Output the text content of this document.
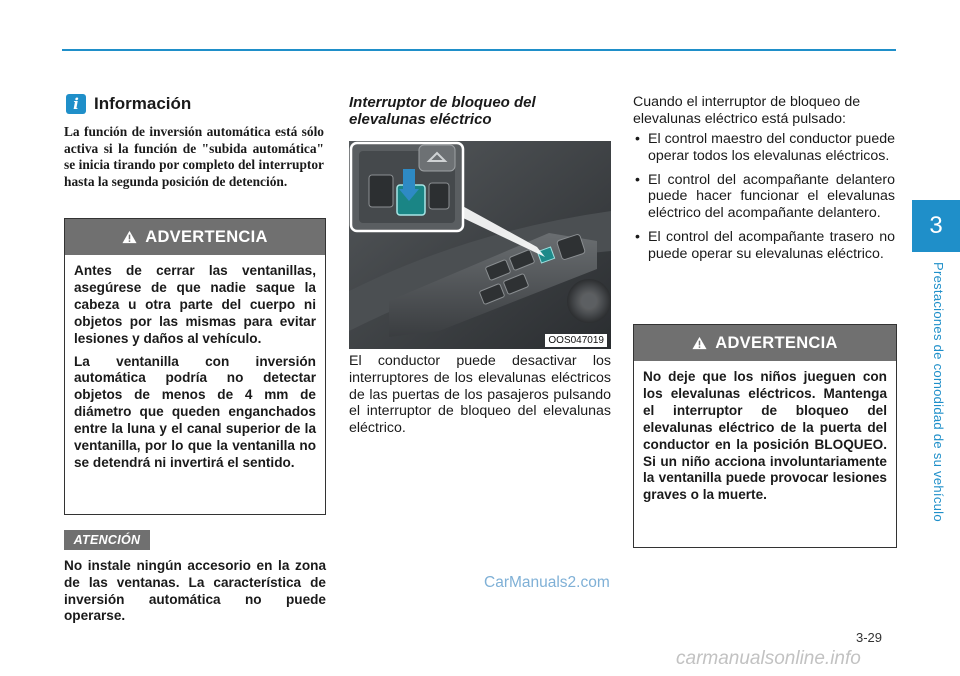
3
Prestaciones de comodidad de su vehículo
i Información
La función de inversión automática está sólo activa si la función de "subida automática" se inicia tirando por completo del interruptor hasta la segunda posición de detención.
ADVERTENCIA

Antes de cerrar las ventanillas, asegúrese de que nadie saque la cabeza u otra parte del cuerpo ni objetos por las mismas para evitar lesiones y daños al vehículo.

La ventanilla con inversión automática podría no detectar objetos de menos de 4 mm de diámetro que queden enganchados entre la luna y el canal superior de la ventanilla, por lo que la ventanilla no se detendrá ni invertirá el sentido.

ATENCIÓN
No instale ningún accesorio en la zona de las ventanas. La característica de inversión automática no puede operarse.
Interruptor de bloqueo del elevalunas eléctrico
OOS047019
El conductor puede desactivar los interruptores de los elevalunas eléctricos de las puertas de los pasajeros pulsando el interruptor de bloqueo del elevalunas eléctrico.
Cuando el interruptor de bloqueo de elevalunas eléctrico está pulsado:
• El control maestro del conductor puede operar todos los elevalunas eléctricos.
• El control del acompañante delantero puede hacer funcionar el elevalunas eléctrico del acompañante delantero.
• El control del acompañante trasero no puede operar su elevalunas eléctrico.
ADVERTENCIA

No deje que los niños jueguen con los elevalunas eléctricos. Mantenga el interruptor de bloqueo del elevalunas eléctrico de la puerta del conductor en la posición BLOQUEO. Si un niño acciona involuntariamente la ventanilla puede provocar lesiones graves o la muerte.

CarManuals2.com
3-29
carmanualsonline.info
